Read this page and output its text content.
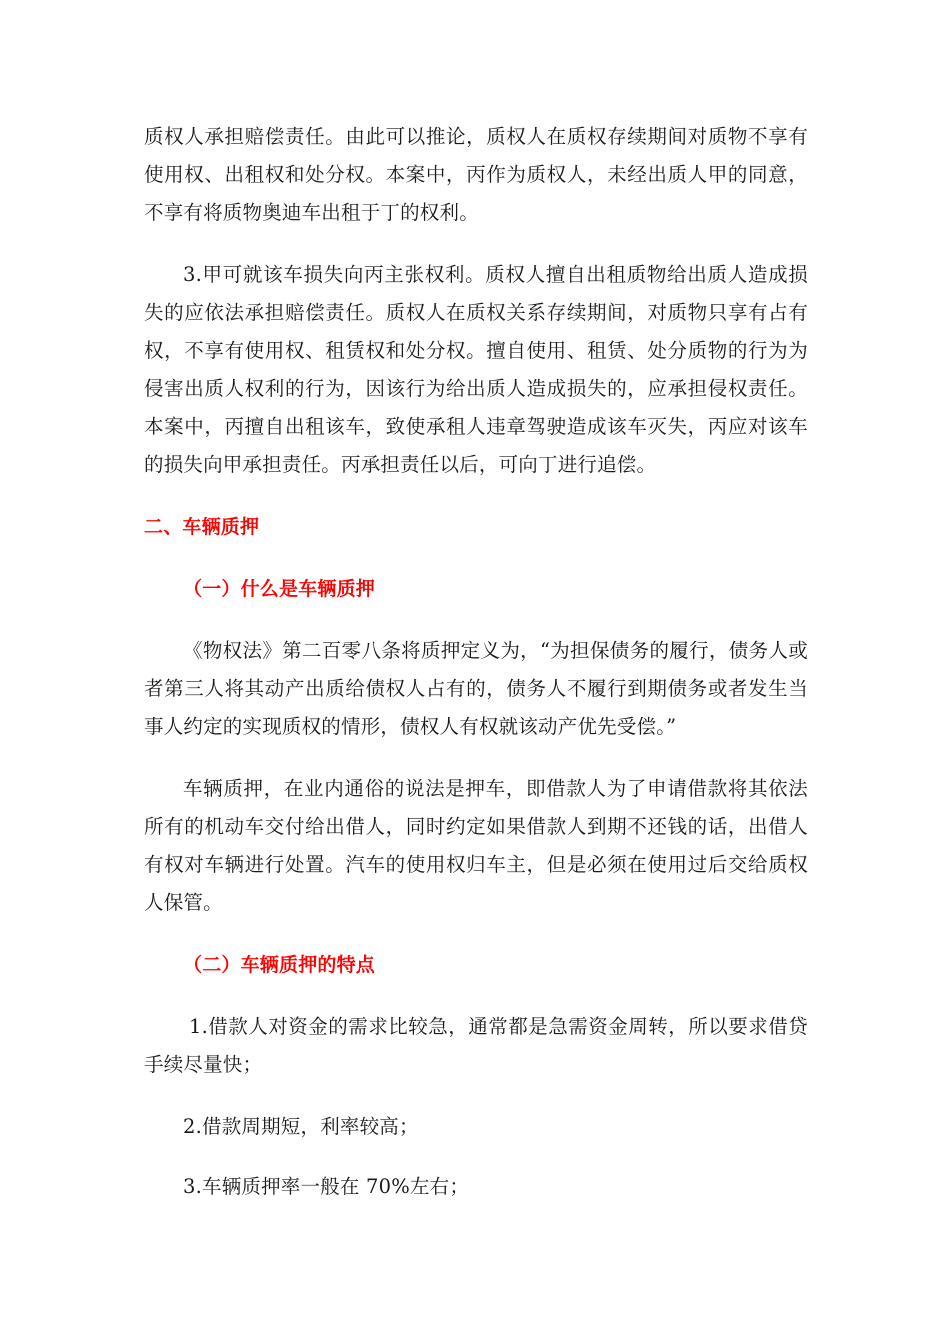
质权人承担赔偿责任。由此可以推论，质权人在质权存续期间对质物不享有使用权、出租权和处分权。本案中，丙作为质权人，未经出质人甲的同意，不享有将质物奥迪车出租于丁的权利。

3.甲可就该车损失向丙主张权利。质权人擅自出租质物给出质人造成损失的应依法承担赔偿责任。质权人在质权关系存续期间，对质物只享有占有权，不享有使用权、租赁权和处分权。擅自使用、租赁、处分质物的行为为侵害出质人权利的行为，因该行为给出质人造成损失的，应承担侵权责任。本案中，丙擅自出租该车，致使承租人违章驾驶造成该车灭失，丙应对该车的损失向甲承担责任。丙承担责任以后，可向丁进行追偿。

二、车辆质押
（一）什么是车辆质押

《物权法》第二百零八条将质押定义为，“为担保债务的履行，债务人或者第三人将其动产出质给债权人占有的，债务人不履行到期债务或者发生当事人约定的实现质权的情形，债权人有权就该动产优先受偿。”

车辆质押，在业内通俗的说法是押车，即借款人为了申请借款将其依法所有的机动车交付给出借人，同时约定如果借款人到期不还钱的话，出借人有权对车辆进行处置。汽车的使用权归车主，但是必须在使用过后交给质权人保管。

（二）车辆质押的特点

1.借款人对资金的需求比较急，通常都是急需资金周转，所以要求借贷手续尽量快；

2.借款周期短，利率较高；

3.车辆质押率一般在 70%左右；
